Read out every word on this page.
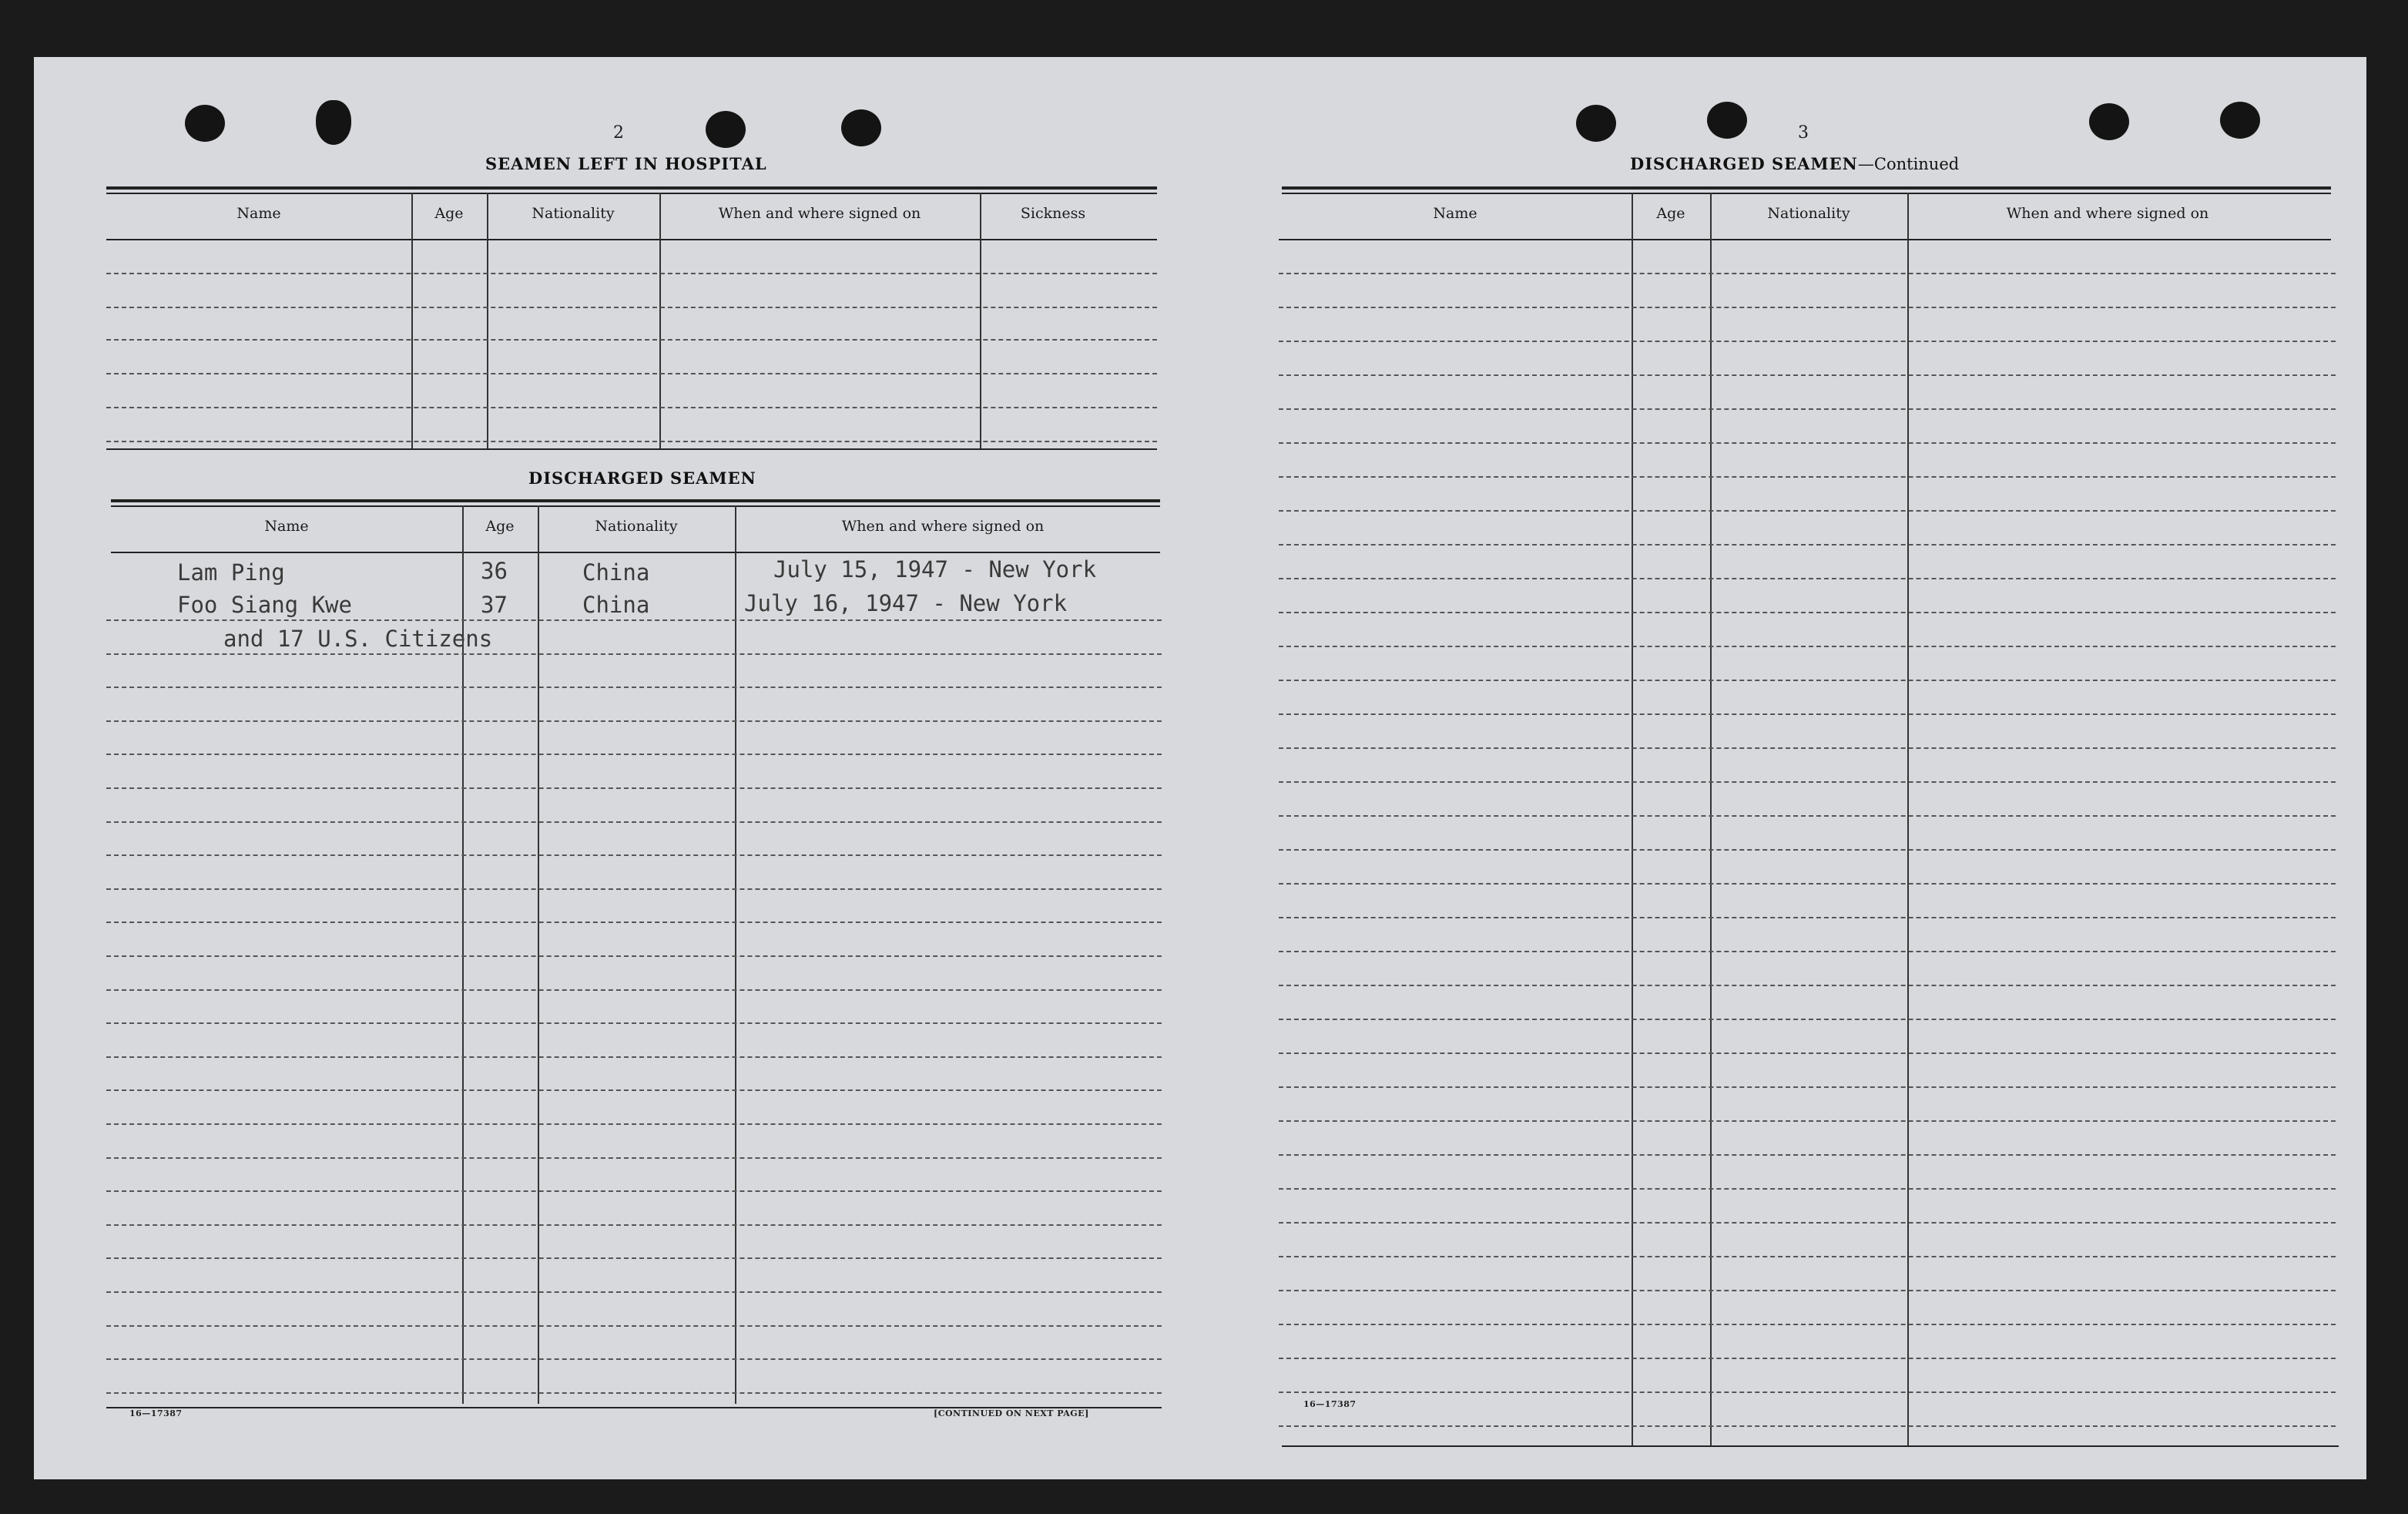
2
SEAMEN LEFT IN HOSPITAL
Name	Age	Nationality	When and where signed on	Sickness
DISCHARGED SEAMEN
Name	Age	Nationality	When and where signed on
Lam Ping	36	China	July 15, 1947 - New York
Foo Siang Kwe	37	China	July 16, 1947 - New York
and 17 U.S. Citizens
16—17387	[CONTINUED ON NEXT PAGE]
3
DISCHARGED SEAMEN—Continued
Name	Age	Nationality	When and where signed on
16—17387
